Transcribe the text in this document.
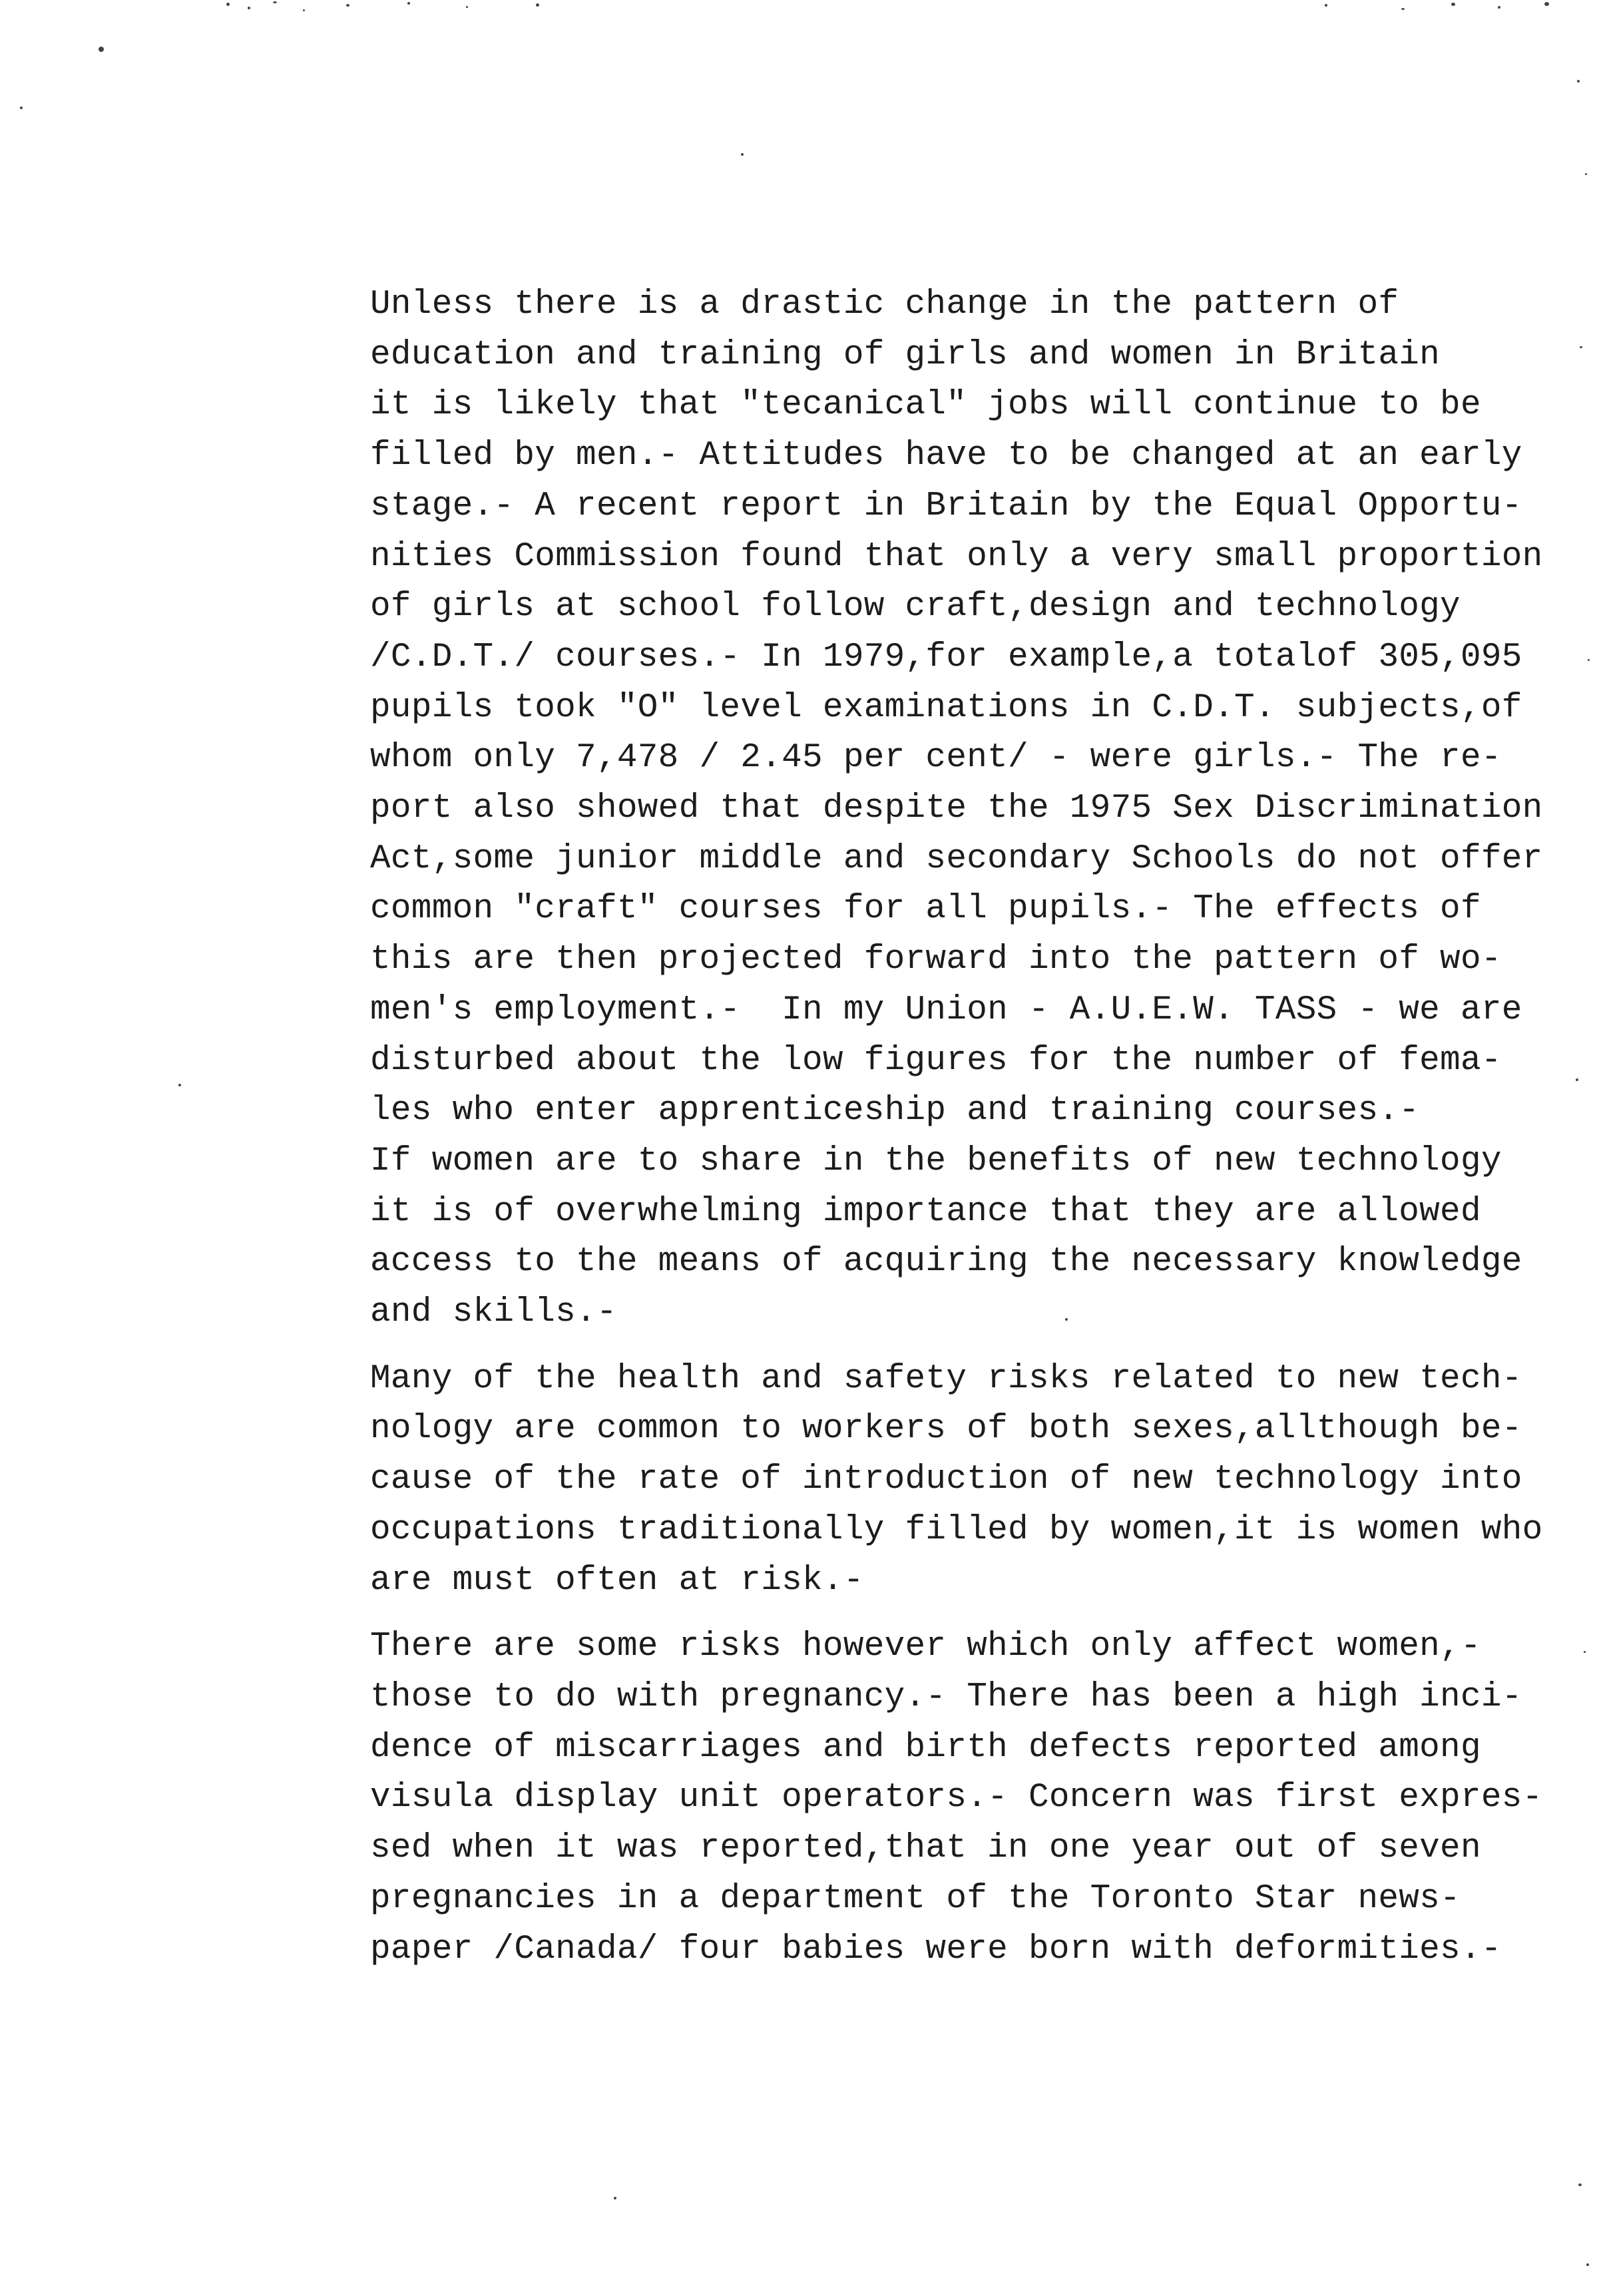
Unless there is a drastic change in the pattern of
education and training of girls and women in Britain
it is likely that "tecanical" jobs will continue to be
filled by men.- Attitudes have to be changed at an early
stage.- A recent report in Britain by the Equal Opportu-
nities Commission found that only a very small proportion
of girls at school follow craft,design and technology
/C.D.T./ courses.- In 1979,for example,a totalof 305,095
pupils took "O" level examinations in C.D.T. subjects,of
whom only 7,478 / 2.45 per cent/ - were girls.- The re-
port also showed that despite the 1975 Sex Discrimination
Act,some junior middle and secondary Schools do not offer
common "craft" courses for all pupils.- The effects of
this are then projected forward into the pattern of wo-
men's employment.-  In my Union - A.U.E.W. TASS - we are
disturbed about the low figures for the number of fema-
les who enter apprenticeship and training courses.-
If women are to share in the benefits of new technology
it is of overwhelming importance that they are allowed
access to the means of acquiring the necessary knowledge
and skills.-

Many of the health and safety risks related to new tech-
nology are common to workers of both sexes,allthough be-
cause of the rate of introduction of new technology into
occupations traditionally filled by women,it is women who
are must often at risk.-

There are some risks however which only affect women,-
those to do with pregnancy.- There has been a high inci-
dence of miscarriages and birth defects reported among
visula display unit operators.- Concern was first expres-
sed when it was reported,that in one year out of seven
pregnancies in a department of the Toronto Star news-
paper /Canada/ four babies were born with deformities.-
